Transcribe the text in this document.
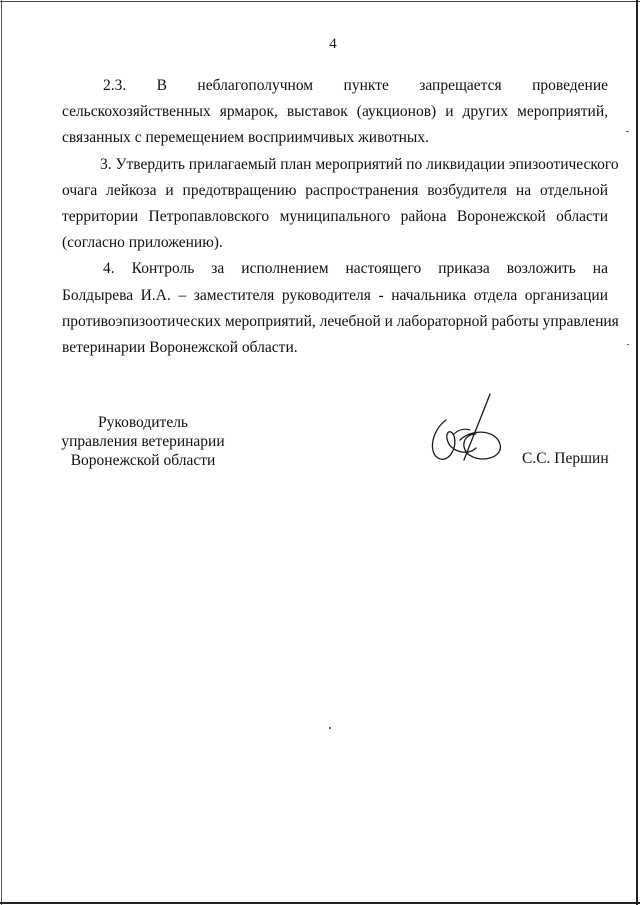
4
2.3. В неблагополучном пункте запрещается проведение
сельскохозяйственных ярмарок, выставок (аукционов) и других мероприятий,
связанных с перемещением восприимчивых животных.
3. Утвердить прилагаемый план мероприятий по ликвидации эпизоотического
очага лейкоза и предотвращению распространения возбудителя на отдельной
территории Петропавловского муниципального района Воронежской области
(согласно приложению).
4. Контроль за исполнением настоящего приказа возложить на
Болдырева И.А. – заместителя руководителя - начальника отдела организации
противоэпизоотических мероприятий, лечебной и лабораторной работы управления
ветеринарии Воронежской области.
Руководитель
управления ветеринарии
Воронежской области	С.С. Першин
